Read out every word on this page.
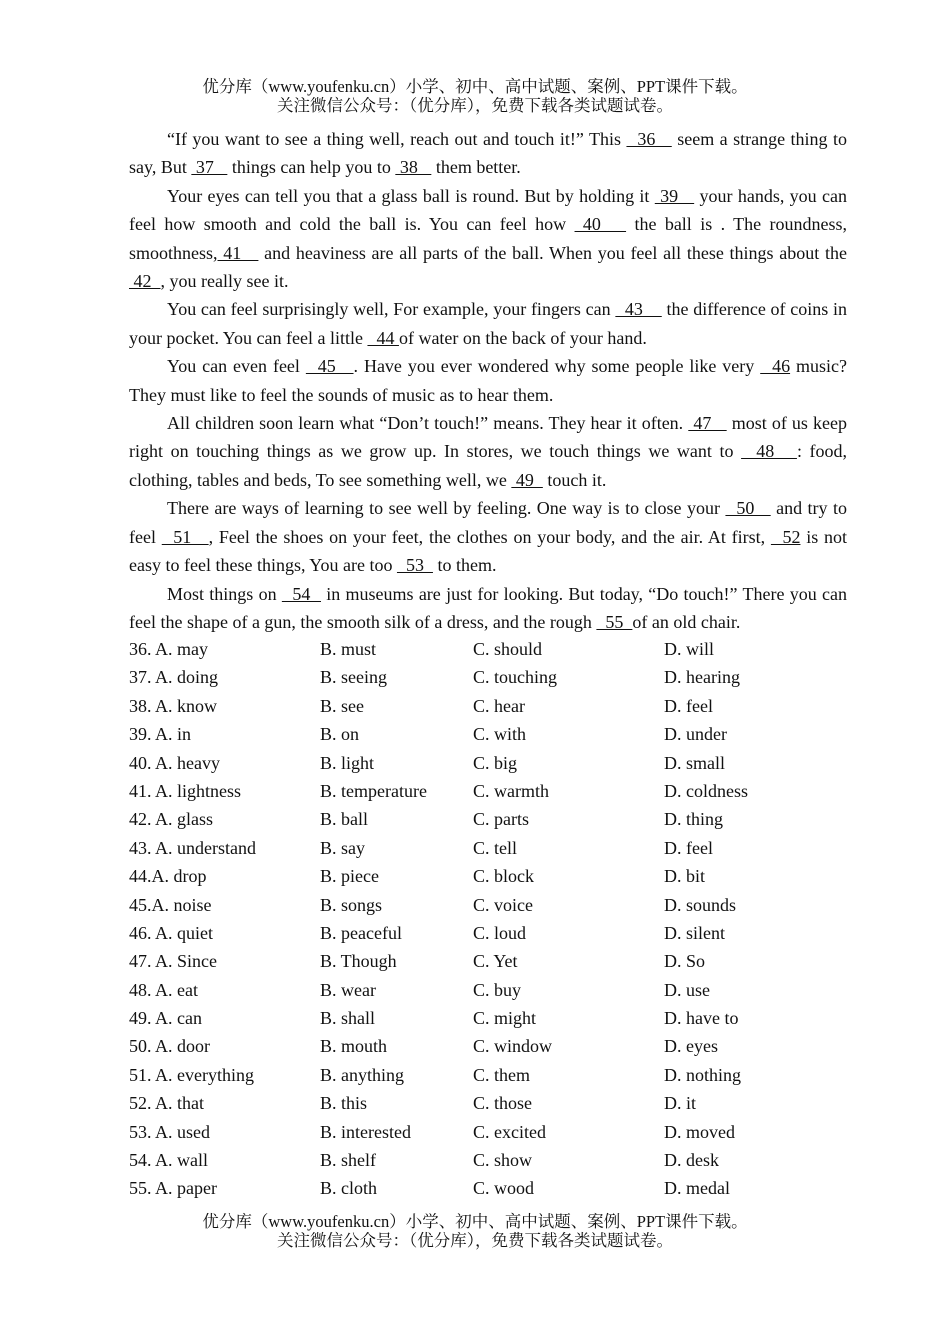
优分库（www.youfenku.cn）小学、初中、高中试题、案例、PPT课件下载。
关注微信公众号：（优分库），免费下载各类试题试卷。

“If you want to see a thing well, reach out and touch it!” This   36    seem a strange thing to say, But  37    things can help you to  38    them better.

Your eyes can tell you that a glass ball is round. But by holding it  39    your hands, you can feel how smooth and cold the ball is. You can feel how  40    the ball is . The roundness, smoothness, 41    and heaviness are all parts of the ball. When you feel all these things about the  42  , you really see it.

You can feel surprisingly well, For example, your fingers can   43     the difference of coins in your pocket. You can feel a little   44 of water on the back of your hand.

You can even feel   45   . Have you ever wondered why some people like very   46 music? They must like to feel the sounds of music as to hear them.

All children soon learn what “Don’t touch!” means. They hear it often.  47    most of us keep right on touching things as we grow up. In stores, we touch things we want to   48   : food, clothing, tables and beds, To see something well, we  49   touch it.

There are ways of learning to see well by feeling. One way is to close your   50    and try to feel   51   , Feel the shoes on your feet, the clothes on your body, and the air. At first,   52 is not easy to feel these things, You are too   53   to them.

Most things on   54   in museums are just for looking. But today, “Do touch!” There you can feel the shape of a gun, the smooth silk of a dress, and the rough   55  of an old chair.

36. A. may	B. must	C. should	D. will
37. A. doing	B. seeing	C. touching	D. hearing
38. A. know	B. see	C. hear	D. feel
39. A. in	B. on	C. with	D. under
40. A. heavy	B. light	C. big	D. small
41. A. lightness	B. temperature	C. warmth	D. coldness
42. A. glass	B. ball	C. parts	D. thing
43. A. understand	B. say	C. tell	D. feel
44.A. drop	B. piece	C. block	D. bit
45.A. noise	B. songs	C. voice	D. sounds
46. A. quiet	B. peaceful	C. loud	D. silent
47. A. Since	B. Though	C. Yet	D. So
48. A. eat	B. wear	C. buy	D. use
49. A. can	B. shall	C. might	D. have to
50. A. door	B. mouth	C. window	D. eyes
51. A. everything	B. anything	C. them	D. nothing
52. A. that	B. this	C. those	D. it
53. A. used	B. interested	C. excited	D. moved
54. A. wall	B. shelf	C. show	D. desk
55. A. paper	B. cloth	C. wood	D. medal
优分库（www.youfenku.cn）小学、初中、高中试题、案例、PPT课件下载。
关注微信公众号：（优分库），免费下载各类试题试卷。
